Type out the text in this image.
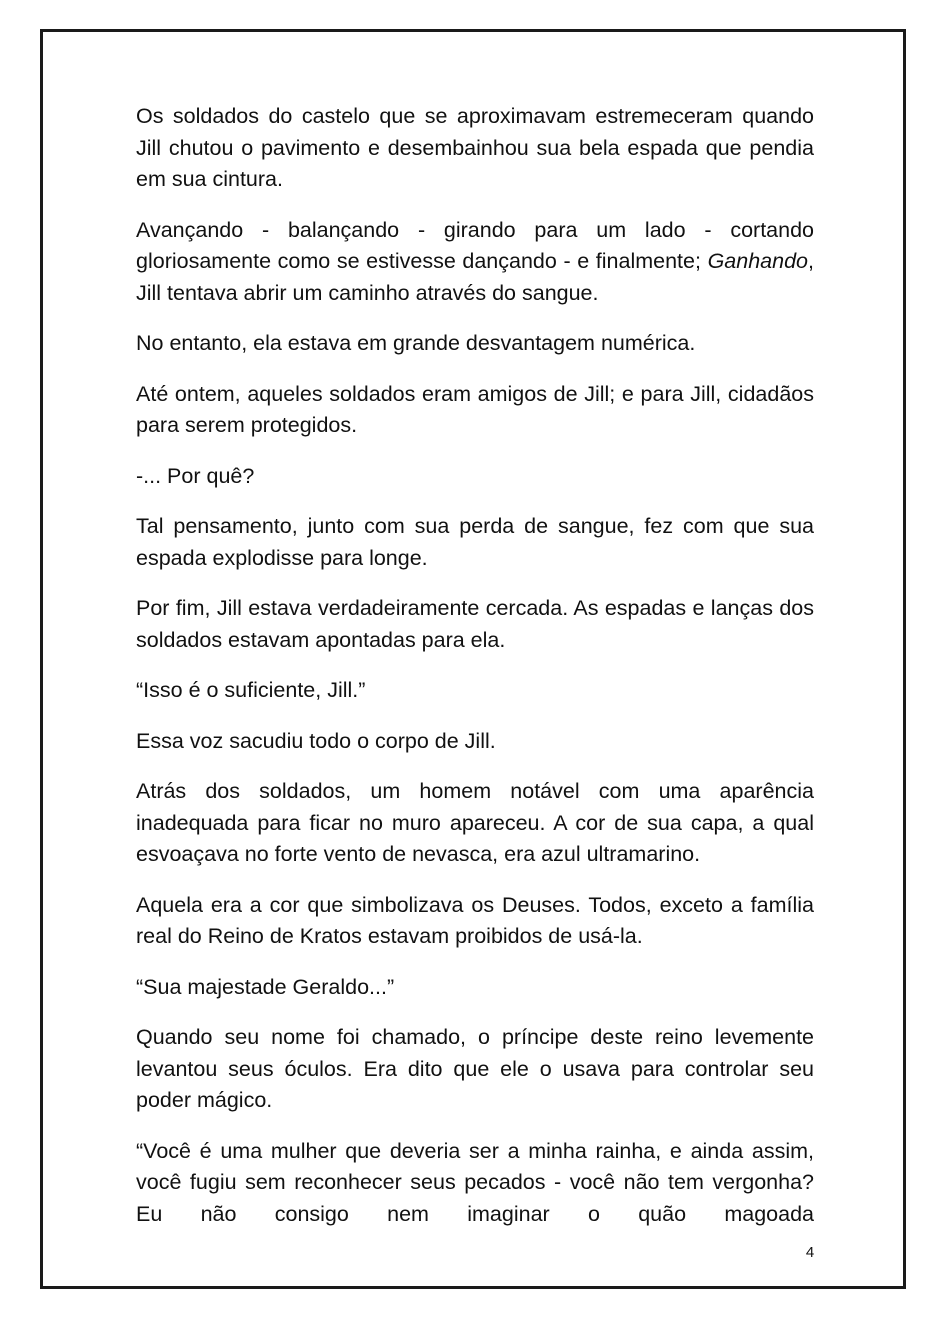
Os soldados do castelo que se aproximavam estremeceram quando Jill chutou o pavimento e desembainhou sua bela espada que pendia em sua cintura.

Avançando - balançando - girando para um lado - cortando gloriosamente como se estivesse dançando - e finalmente; Ganhando, Jill tentava abrir um caminho através do sangue.

No entanto, ela estava em grande desvantagem numérica.

Até ontem, aqueles soldados eram amigos de Jill; e para Jill, cidadãos para serem protegidos.

-... Por quê?

Tal pensamento, junto com sua perda de sangue, fez com que sua espada explodisse para longe.

Por fim, Jill estava verdadeiramente cercada. As espadas e lanças dos soldados estavam apontadas para ela.

“Isso é o suficiente, Jill.”

Essa voz sacudiu todo o corpo de Jill.

Atrás dos soldados, um homem notável com uma aparência inadequada para ficar no muro apareceu. A cor de sua capa, a qual esvoaçava no forte vento de nevasca, era azul ultramarino.

Aquela era a cor que simbolizava os Deuses. Todos, exceto a família real do Reino de Kratos estavam proibidos de usá-la.

“Sua majestade Geraldo...”

Quando seu nome foi chamado, o príncipe deste reino levemente levantou seus óculos. Era dito que ele o usava para controlar seu poder mágico.

“Você é uma mulher que deveria ser a minha rainha, e ainda assim, você fugiu sem reconhecer seus pecados - você não tem vergonha? Eu não consigo nem imaginar o quão magoada

4
